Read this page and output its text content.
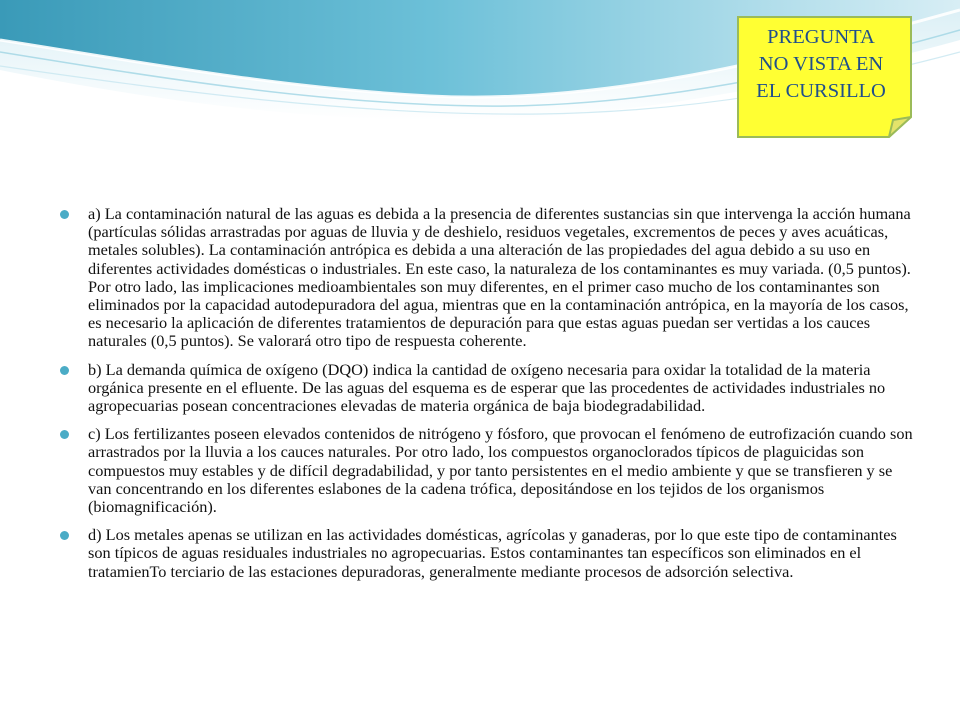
PREGUNTA
NO VISTA EN
EL CURSILLO
a) La contaminación natural de las aguas es debida a la presencia de diferentes sustancias sin que intervenga la acción humana (partículas sólidas arrastradas por aguas de lluvia y de deshielo, residuos vegetales, excrementos de peces y aves acuáticas, metales solubles). La contaminación antrópica es debida a una alteración de las propiedades del agua debido a su uso en diferentes actividades domésticas o industriales. En este caso, la naturaleza de los contaminantes es muy variada. (0,5 puntos). Por otro lado, las implicaciones medioambientales son muy diferentes, en el primer caso mucho de los contaminantes son eliminados por la capacidad autodepuradora del agua, mientras que en la contaminación antrópica, en la mayoría de los casos, es necesario la aplicación de diferentes tratamientos de depuración para que estas aguas puedan ser vertidas a los cauces naturales (0,5 puntos). Se valorará otro tipo de respuesta coherente.
b) La demanda química de oxígeno (DQO) indica la cantidad de oxígeno necesaria para oxidar la totalidad de la materia orgánica presente en el efluente. De las aguas del esquema es de esperar que las procedentes de actividades industriales no agropecuarias posean concentraciones elevadas de materia orgánica de baja biodegradabilidad.
c) Los fertilizantes poseen elevados contenidos de nitrógeno y fósforo, que provocan el fenómeno de eutrofización cuando son arrastrados por la lluvia a los cauces naturales. Por otro lado, los compuestos organoclorados típicos de plaguicidas son compuestos muy estables y de difícil degradabilidad, y por tanto persistentes en el medio ambiente y que se transfieren y se van concentrando en los diferentes eslabones de la cadena trófica, depositándose en los tejidos de los organismos (biomagnificación).
d) Los metales apenas se utilizan en las actividades domésticas, agrícolas y ganaderas, por lo que este tipo de contaminantes son típicos de aguas residuales industriales no agropecuarias. Estos contaminantes tan específicos son eliminados en el tratamienTo terciario de las estaciones depuradoras, generalmente mediante procesos de adsorción selectiva.
